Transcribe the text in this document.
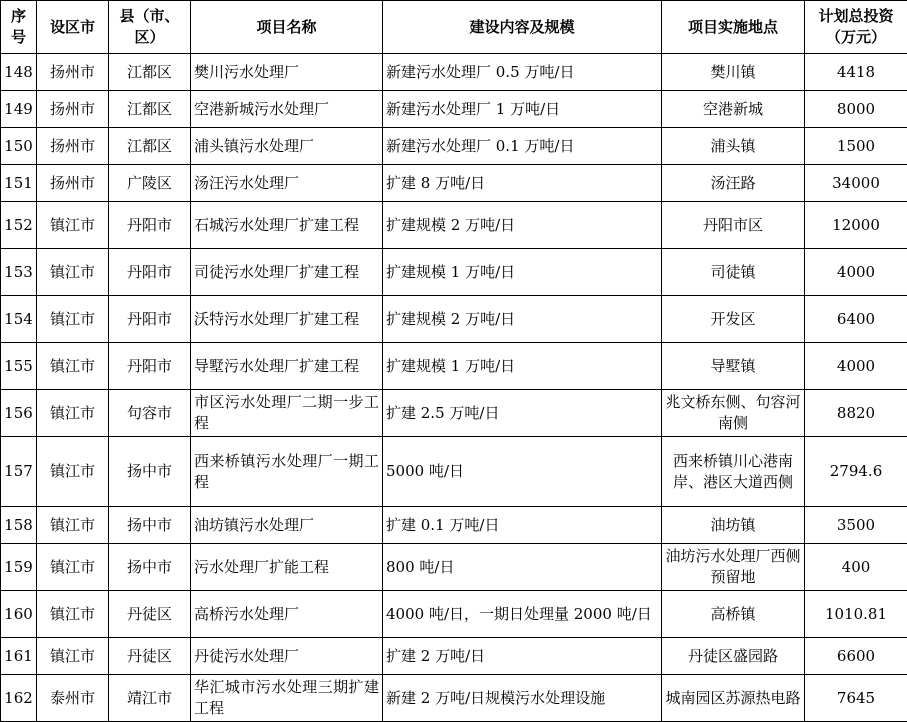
序号	设区市	县（市、区）	项目名称	建设内容及规模	项目实施地点	计划总投资（万元）
148	扬州市	江都区	樊川污水处理厂	新建污水处理厂 0.5 万吨/日	樊川镇	4418
149	扬州市	江都区	空港新城污水处理厂	新建污水处理厂 1 万吨/日	空港新城	8000
150	扬州市	江都区	浦头镇污水处理厂	新建污水处理厂 0.1 万吨/日	浦头镇	1500
151	扬州市	广陵区	汤汪污水处理厂	扩建 8 万吨/日	汤汪路	34000
152	镇江市	丹阳市	石城污水处理厂扩建工程	扩建规模 2 万吨/日	丹阳市区	12000
153	镇江市	丹阳市	司徒污水处理厂扩建工程	扩建规模 1 万吨/日	司徒镇	4000
154	镇江市	丹阳市	沃特污水处理厂扩建工程	扩建规模 2 万吨/日	开发区	6400
155	镇江市	丹阳市	导墅污水处理厂扩建工程	扩建规模 1 万吨/日	导墅镇	4000
156	镇江市	句容市	市区污水处理厂二期一步工程	扩建 2.5 万吨/日	兆文桥东侧、句容河南侧	8820
157	镇江市	扬中市	西来桥镇污水处理厂一期工程	5000 吨/日	西来桥镇川心港南岸、港区大道西侧	2794.6
158	镇江市	扬中市	油坊镇污水处理厂	扩建 0.1 万吨/日	油坊镇	3500
159	镇江市	扬中市	污水处理厂扩能工程	800 吨/日	油坊污水处理厂西侧预留地	400
160	镇江市	丹徒区	高桥污水处理厂	4000 吨/日，一期日处理量 2000 吨/日	高桥镇	1010.81
161	镇江市	丹徒区	丹徒污水处理厂	扩建 2 万吨/日	丹徒区盛园路	6600
162	泰州市	靖江市	华汇城市污水处理三期扩建工程	新建 2 万吨/日规模污水处理设施	城南园区苏源热电路	7645
